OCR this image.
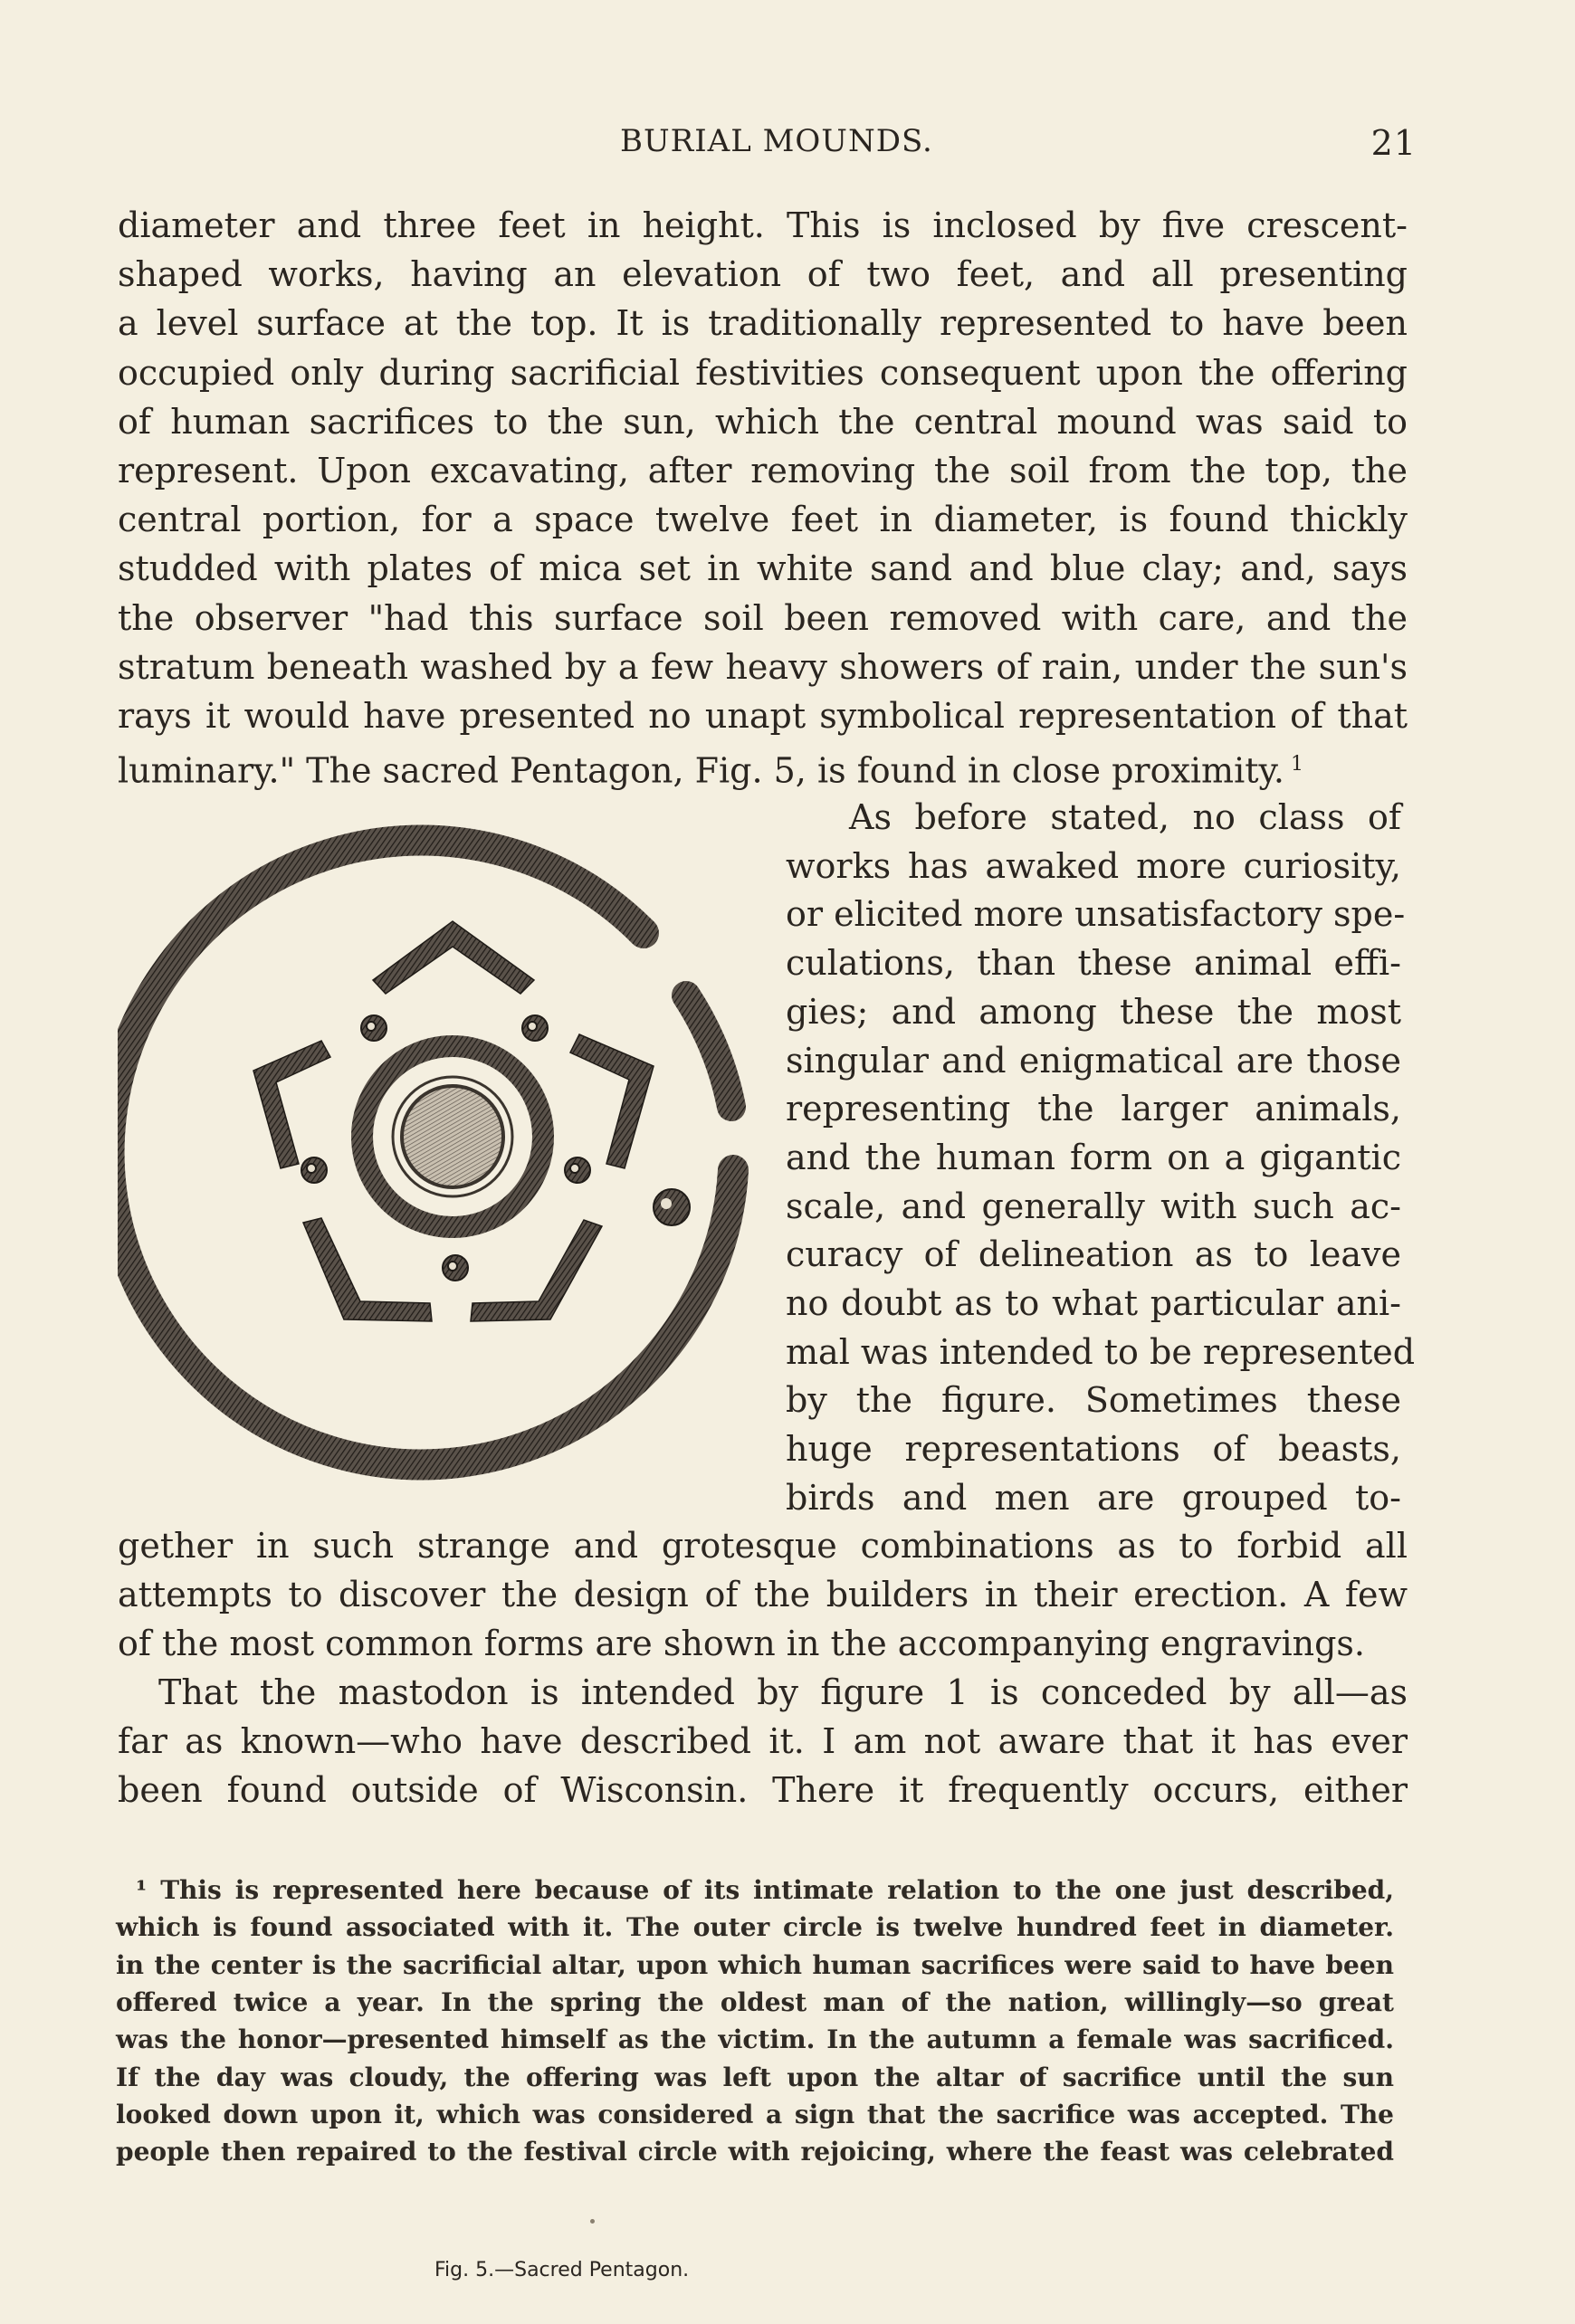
BURIAL MOUNDS.	21
diameter and three feet in height. This is inclosed by five crescent-
shaped works, having an elevation of two feet, and all presenting
a level surface at the top. It is traditionally represented to have been
occupied only during sacrificial festivities consequent upon the offering
of human sacrifices to the sun, which the central mound was said to
represent. Upon excavating, after removing the soil from the top, the
central portion, for a space twelve feet in diameter, is found thickly
studded with plates of mica set in white sand and blue clay; and, says
the observer "had this surface soil been removed with care, and the
stratum beneath washed by a few heavy showers of rain, under the sun's
rays it would have presented no unapt symbolical representation of that
luminary." The sacred Pentagon, Fig. 5, is found in close proximity. $^1$
As before stated, no class of
works has awaked more curiosity,
or elicited more unsatisfactory spe-
culations, than these animal effi-
gies; and among these the most
singular and enigmatical are those
representing the larger animals,
and the human form on a gigantic
scale, and generally with such ac-
curacy of delineation as to leave
no doubt as to what particular ani-
mal was intended to be represented
by the figure. Sometimes these
huge representations of beasts,
birds and men are grouped to-
gether in such strange and grotesque combinations as to forbid all
attempts to discover the design of the builders in their erection. A few
of the most common forms are shown in the accompanying engravings.
That the mastodon is intended by figure 1 is conceded by all—as
far as known—who have described it. I am not aware that it has ever
been found outside of Wisconsin. There it frequently occurs, either
Fig. 5.—Sacred Pentagon.
¹ This is represented here because of its intimate relation to the one just described,
which is found associated with it. The outer circle is twelve hundred feet in diameter.
in the center is the sacrificial altar, upon which human sacrifices were said to have been
offered twice a year. In the spring the oldest man of the nation, willingly—so great
was the honor—presented himself as the victim. In the autumn a female was sacrificed.
If the day was cloudy, the offering was left upon the altar of sacrifice until the sun
looked down upon it, which was considered a sign that the sacrifice was accepted. The
people then repaired to the festival circle with rejoicing, where the feast was celebrated
